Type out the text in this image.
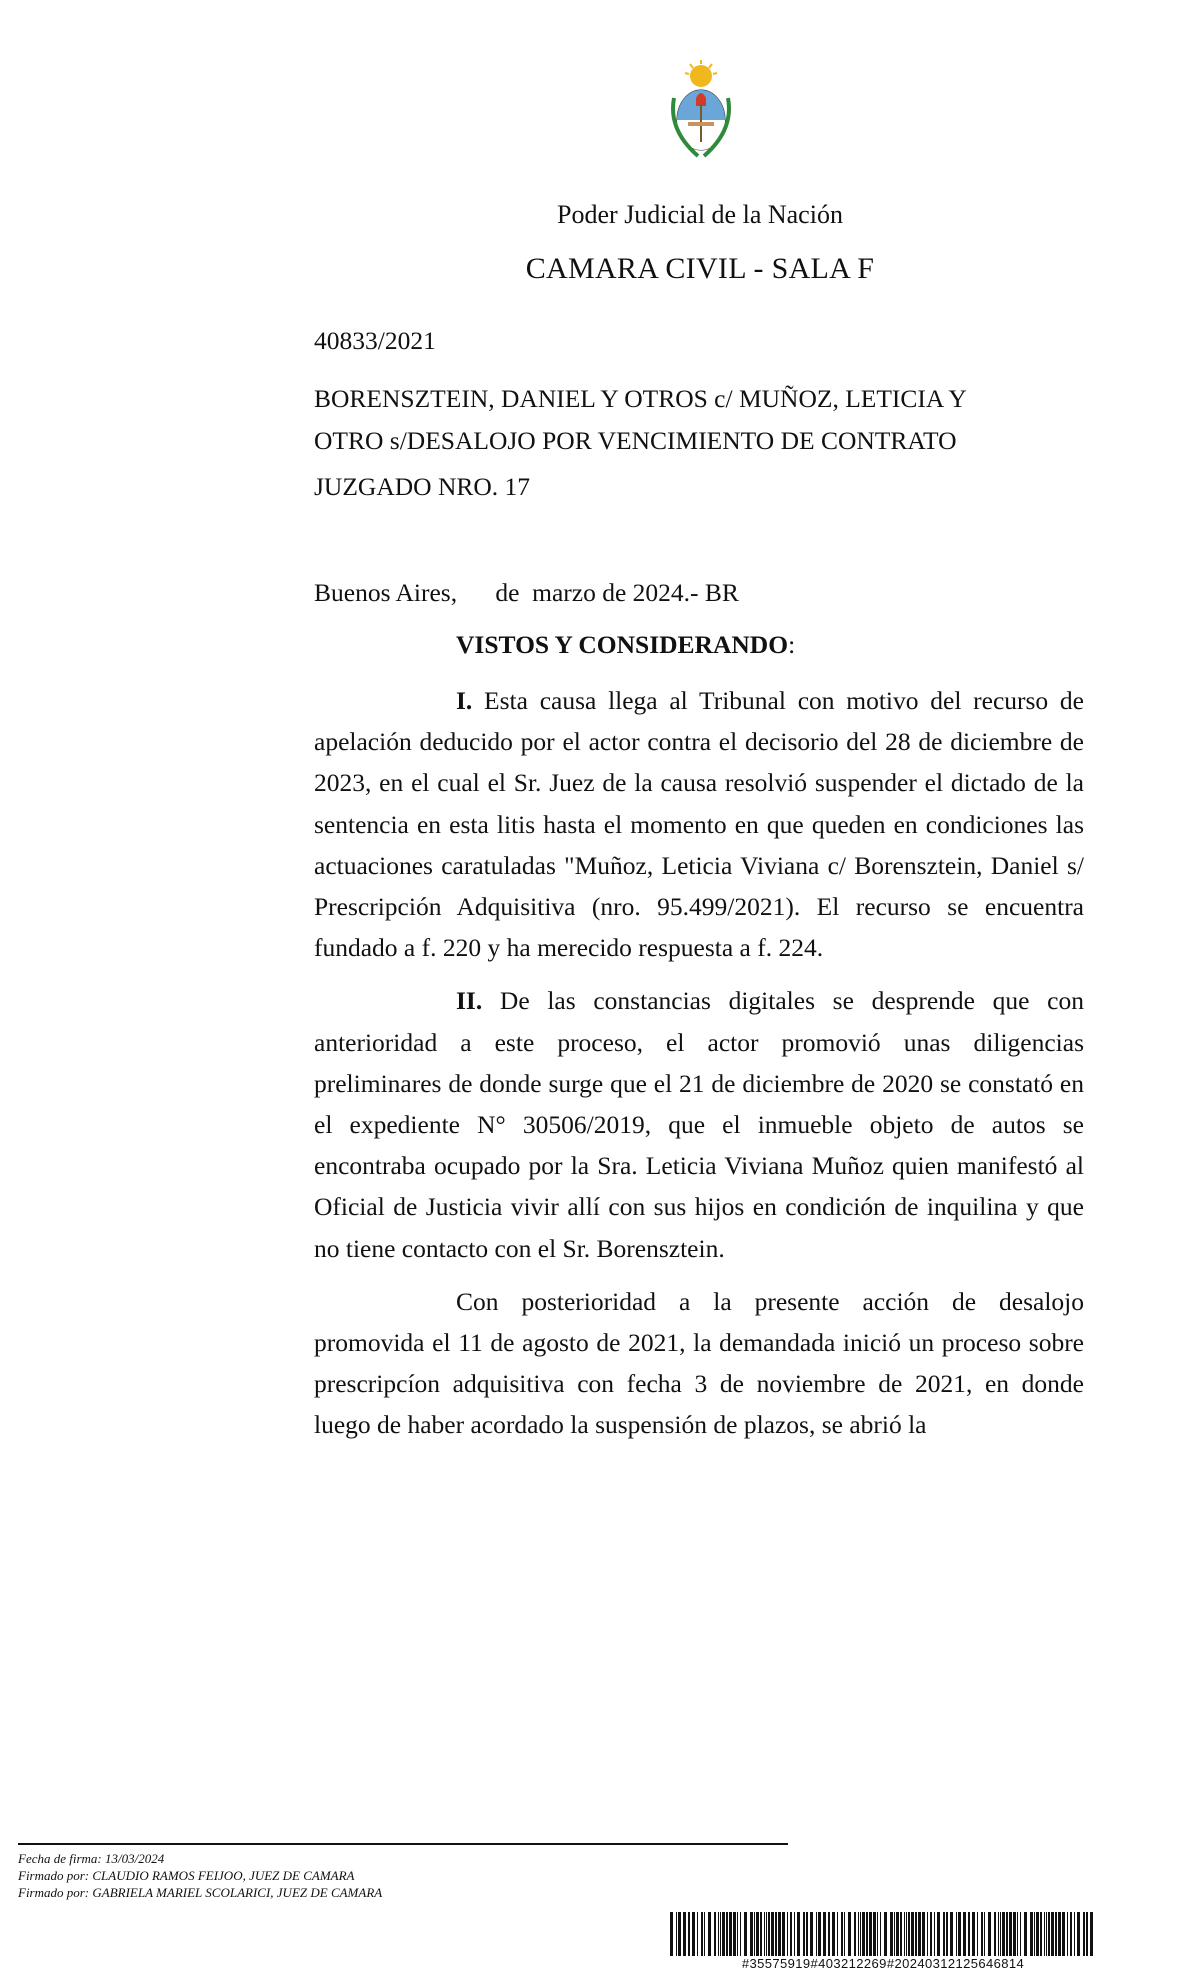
Poder Judicial de la Nación
CAMARA CIVIL - SALA F
40833/2021
BORENSZTEIN, DANIEL Y OTROS c/ MUÑOZ, LETICIA Y
OTRO s/DESALOJO POR VENCIMIENTO DE CONTRATO
JUZGADO NRO. 17
Buenos Aires,      de  marzo de 2024.- BR
VISTOS Y CONSIDERANDO:

I. Esta causa llega al Tribunal con motivo del recurso de apelación deducido por el actor contra el decisorio del 28 de diciembre de 2023, en el cual el Sr. Juez de la causa resolvió suspender el dictado de la sentencia en esta litis hasta el momento en que queden en condiciones las actuaciones caratuladas "Muñoz, Leticia Viviana c/ Borensztein, Daniel s/ Prescripción Adquisitiva (nro. 95.499/2021). El recurso se encuentra fundado a f. 220 y ha merecido respuesta a f. 224.

II. De las constancias digitales se desprende que con anterioridad a este proceso, el actor promovió unas diligencias preliminares de donde surge que el 21 de diciembre de 2020 se constató en el expediente N° 30506/2019, que el inmueble objeto de autos se encontraba ocupado por la Sra. Leticia Viviana Muñoz quien manifestó al Oficial de Justicia vivir allí con sus hijos en condición de inquilina y que no tiene contacto con el Sr. Borensztein.

Con posterioridad a la presente acción de desalojo promovida el 11 de agosto de 2021, la demandada inició un proceso sobre prescripcíon adquisitiva con fecha 3 de noviembre de 2021, en donde luego de haber acordado la suspensión de plazos, se abrió la

Fecha de firma: 13/03/2024
Firmado por: CLAUDIO RAMOS FEIJOO, JUEZ DE CAMARA
Firmado por: GABRIELA MARIEL SCOLARICI, JUEZ DE CAMARA
#35575919#403212269#20240312125646814
